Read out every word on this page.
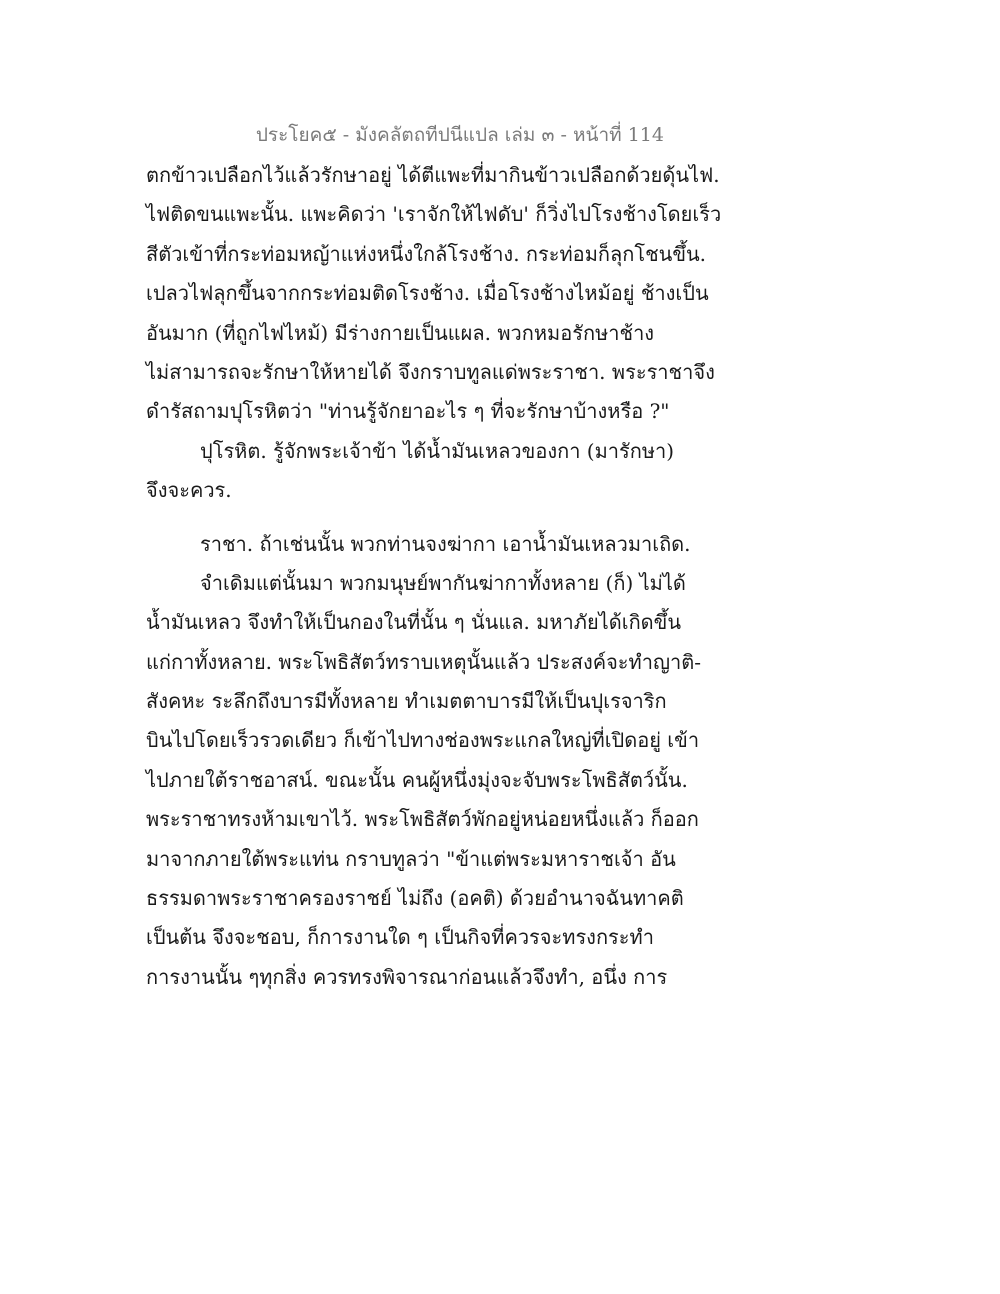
ประโยค๕ - มังคลัตถทีปนีแปล เล่ม ๓ - หน้าที่ 114
ตกข้าวเปลือกไว้แล้วรักษาอยู่ ได้ตีแพะที่มากินข้าวเปลือกด้วยดุ้นไฟ.
ไฟติดขนแพะนั้น. แพะคิดว่า 'เราจักให้ไฟดับ' ก็วิ่งไปโรงช้างโดยเร็ว
สีตัวเข้าที่กระท่อมหญ้าแห่งหนึ่งใกล้โรงช้าง. กระท่อมก็ลุกโชนขึ้น.
เปลวไฟลุกขึ้นจากกระท่อมติดโรงช้าง. เมื่อโรงช้างไหม้อยู่ ช้างเป็น
อันมาก (ที่ถูกไฟไหม้) มีร่างกายเป็นแผล. พวกหมอรักษาช้าง
ไม่สามารถจะรักษาให้หายได้ จึงกราบทูลแด่พระราชา. พระราชาจึง
ดำรัสถามปุโรหิตว่า "ท่านรู้จักยาอะไร ๆ ที่จะรักษาบ้างหรือ ?"
ปุโรหิต. รู้จักพระเจ้าข้า ได้น้ำมันเหลวของกา (มารักษา)
จึงจะควร.
ราชา. ถ้าเช่นนั้น พวกท่านจงฆ่ากา เอาน้ำมันเหลวมาเถิด.
จำเดิมแต่นั้นมา พวกมนุษย์พากันฆ่ากาทั้งหลาย (ก็) ไม่ได้
น้ำมันเหลว จึงทำให้เป็นกองในที่นั้น ๆ นั่นแล. มหาภัยได้เกิดขึ้น
แก่กาทั้งหลาย. พระโพธิสัตว์ทราบเหตุนั้นแล้ว ประสงค์จะทำญาติ-
สังคหะ ระลึกถึงบารมีทั้งหลาย ทำเมตตาบารมีให้เป็นปุเรจาริก
บินไปโดยเร็วรวดเดียว ก็เข้าไปทางช่องพระแกลใหญ่ที่เปิดอยู่ เข้า
ไปภายใต้ราชอาสน์. ขณะนั้น คนผู้หนึ่งมุ่งจะจับพระโพธิสัตว์นั้น.
พระราชาทรงห้ามเขาไว้. พระโพธิสัตว์พักอยู่หน่อยหนึ่งแล้ว ก็ออก
มาจากภายใต้พระแท่น กราบทูลว่า "ข้าแต่พระมหาราชเจ้า อัน
ธรรมดาพระราชาครองราชย์ ไม่ถึง (อคติ) ด้วยอำนาจฉันทาคติ
เป็นต้น จึงจะชอบ, ก็การงานใด ๆ เป็นกิจที่ควรจะทรงกระทำ
การงานนั้น ๆทุกสิ่ง ควรทรงพิจารณาก่อนแล้วจึงทำ, อนึ่ง การ
